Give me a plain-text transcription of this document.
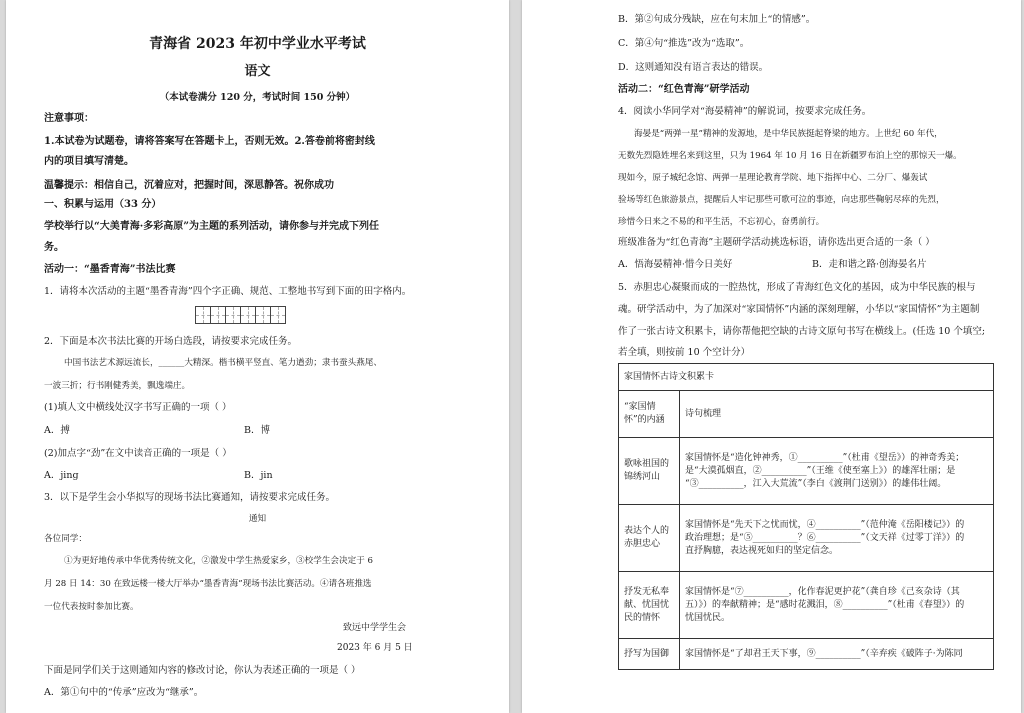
青海省 2023 年初中学业水平考试
语文
（本试卷满分 120 分，考试时间 150 分钟）
注意事项：
1.本试卷为试题卷，请将答案写在答题卡上，否则无效。2.答卷前将密封线
内的项目填写清楚。
温馨提示：相信自己，沉着应对，把握时间，深思静答。祝你成功
一、积累与运用（33 分）
学校举行以“大美青海·多彩高原”为主题的系列活动，请你参与并完成下列任
务。
活动一：“墨香青海”书法比赛
1．请将本次活动的主题“墨香青海”四个字正确、规范、工整地书写到下面的田字格内。
2．下面是本次书法比赛的开场白选段，请按要求完成任务。
中国书法艺术源远流长，______大精深。楷书横平竖直、笔力遒劲；隶书蚕头燕尾、
一波三折；行书刚健秀美，飘逸端庄。
(1)填人文中横线处汉字书写正确的一项（ ）
A．搏	B．博
(2)加点字“劲”在文中读音正确的一项是（ ）
A．jing	B．jin
3．以下是学生会小华拟写的现场书法比赛通知，请按要求完成任务。
通知
各位同学：
①为更好地传承中华优秀传统文化，②激发中学生热爱家乡，③校学生会决定于 6
月 28 日 14：30 在致远楼一楼大厅举办“墨香青海”现场书法比赛活动。④请各班推选
一位代表按时参加比赛。
致远中学学生会
2023 年 6 月 5 日
下面是同学们关于这则通知内容的修改讨论，你认为表述正确的一项是（ ）
A．第①句中的“传承”应改为“继承”。
B．第②句成分残缺，应在句末加上“的情感”。
C．第④句“推选”改为“选取”。
D．这则通知没有语言表达的错误。
活动二：“红色青海”研学活动
4．阅读小华同学对“海晏精神”的解说词，按要求完成任务。
海晏是“两弹一星”精神的发源地，是中华民族挺起脊梁的地方。上世纪 60 年代，
无数先烈隐姓埋名来到这里，只为 1964 年 10 月 16 日在新疆罗布泊上空的那惊天一爆。
现如今，原子城纪念馆、两弹一星理论教育学院、地下指挥中心、二分厂、爆轰试
验场等红色旅游景点，提醒后人牢记那些可歌可泣的事迹，向忠那些鞠躬尽瘁的先烈，
珍惜今日来之不易的和平生活，不忘初心，奋勇前行。
班级准备为“红色青海”主题研学活动挑选标语，请你选出更合适的一条（ ）
A．悟海晏精神·惜今日美好	B．走和谐之路·创海晏名片
5．赤胆忠心凝聚而成的一腔热忱，形成了青海红色文化的基因，成为中华民族的根与
魂。研学活动中，为了加深对“家国情怀”内涵的深刻理解，小华以“家国情怀”为主题制
作了一张古诗文积累卡，请你帮他把空缺的古诗文原句书写在横线上。(任选 10 个填空;
若全填，则按前 10 个空计分）
家国情怀古诗文积累卡	
“家国情怀”的内涵	诗句梳理
歌咏祖国的锦绣河山	家国情怀是“造化钟神秀，①__________”（杜甫《望岳》）的神奇秀美；
是“大漠孤烟直，②__________”（王维《使至塞上》）的雄浑壮丽；是
“③__________，江入大荒流”（李白《渡荆门送别》）的雄伟壮阔。

表达个人的赤胆忠心	家国情怀是“先天下之忧而忧，④__________”（范仲淹《岳阳楼记》）的
政治理想；是“⑤__________？⑥__________”（文天祥《过零丁洋》）的
直抒胸臆，表达视死如归的坚定信念。

抒发无私奉献、忧国忧民的情怀	家国情怀是“⑦__________，化作春泥更护花”（龚自珍《己亥杂诗（其
五）》）的奉献精神；是“感时花溅泪，⑧__________”（杜甫《春望》）的
忧国忧民。

抒写为国御	家国情怀是“了却君王天下事，⑨__________”（辛弃疾《破阵子·为陈同
